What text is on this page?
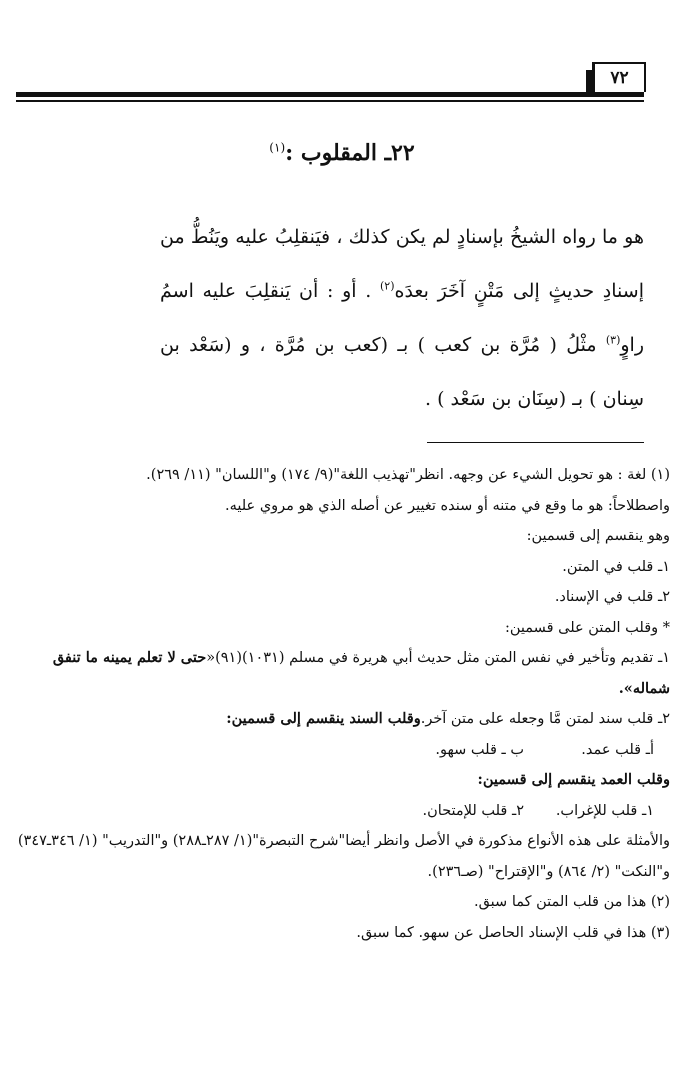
٧٢
٢٢ـ المقلوب :$^{(١)}$

هو ما رواه الشيخُ بإسنادٍ لم يكن كذلك ، فيَنقلِبُ عليه ويَنُطُّ من إسنادِ حديثٍ إلى مَتْنٍ آخَرَ بعدَه$^{(٢)}$ . أو : أن يَنقلِبَ عليه اسمُ راوٍ$^{(٣)}$ مثْلُ ( مُرَّة بن كعب ) بـ (كعب بن مُرَّة ، و (سَعْد بن سِنان ) بـ (سِنَان بن سَعْد ) .

(١) لغة : هو تحويل الشيء عن وجهه. انظر"تهذيب اللغة"(٩/ ١٧٤) و"اللسان" (١١/ ٢٦٩).

واصطلاحاً: هو ما وقع في متنه أو سنده تغيير عن أصله الذي هو مروي عليه.

وهو ينقسم إلى قسمين:

١ـ قلب في المتن.

٢ـ قلب في الإسناد.

* وقلب المتن على قسمين:

١ـ تقديم وتأخير في نفس المتن مثل حديث أبي هريرة في مسلم (١٠٣١)(٩١)«حتى لا تعلم يمينه ما تنفق شماله».

٢ـ قلب سند لمتن مَّا وجعله على متن آخر.وقلب السند ينقسم إلى قسمين:

أـ قلب عمد.
ب ـ قلب سهو.

وقلب العمد ينقسم إلى قسمين:

١ـ قلب للإغراب.
٢ـ قلب للإمتحان.

والأمثلة على هذه الأنواع مذكورة في الأصل وانظر أيضا"شرح التبصرة"(١/ ٢٨٧ـ٢٨٨) و"التدريب" (١/ ٣٤٦ـ٣٤٧) و"النكت" (٢/ ٨٦٤) و"الإقتراح" (صـ٢٣٦).

(٢) هذا من قلب المتن كما سبق.

(٣) هذا في قلب الإسناد الحاصل عن سهو. كما سبق.
